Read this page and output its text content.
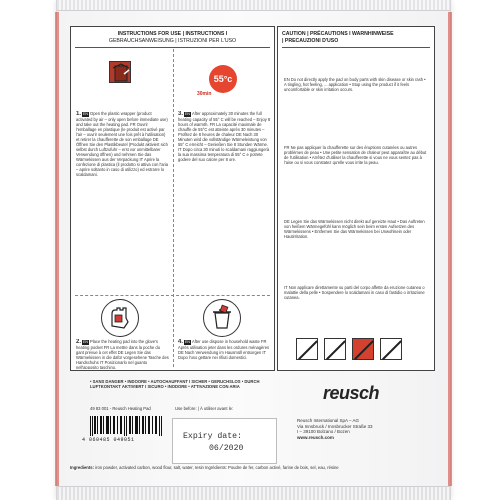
INSTRUCTIONS FOR USE | INSTRUCTIONS I
GEBRAUCHSANWEISUNG | ISTRUZIONI PER L'USO
55°c
30min
1. EN Open the plastic wrapper (product activated by air – only open before immediate use) and take out the heating pad. FR Ouvrir l'emballage en plastique (le produit est activé par l'air – ouvrir seulement une fois prêt à l'utilisation) et retirer la chaufferette de son emballage DE Öffnen Sie den Plastikbeutel (Produkt aktiviert sich selbst durch Luftzufuhr – erst vor unmittelbarer Verwendung öffnen) und nehmen Sie das Wärmekissen aus der Verpackung IT Aprire la confezione di plastica (il prodotto si attiva con l'aria – aprire soltanto in caso di utilizzo) ed estrarre lo scaldamani.
3. EN After approximately 30 minutes the full heating capacity of 55° C will be reached – Enjoy 8 hours of warmth. FR La capacité maximale de chauffe de 55°C est atteinte après 30 minutes – Profitez de 8 heures de chaleur DE Nach 30 Minuten wird die vollständige Wärmeleistung von 55° C erreicht – Genießen Sie 8 Stunden Wärme. IT Dopo circa 30 minuti lo scaldamani raggiungerà la sua massima temperatura di 55° C e potrete godere del suo calore per 8 ore.
2. EN Place the heating pad into the glove's heating pocket FR La mettre dans la poche du gant prévue à cet effet DE Legen Sie das Wärmekissen in die dafür vorgesehene Tasche des Handschuhs IT Posizionarlo nel guanto nell'apposito taschino.
4. EN After use dispose in household waste FR Après utilisation jeter dans les ordures ménagères DE Nach Verwendung im Hausmüll entsorgen IT Dopo l'uso gettare nei rifiuti domestici.
CAUTION | PRÉCAUTIONS I WARNHINWEISE
| PRECAUZIONI D'USO
EN Do not directly apply the pad on body parts with skin disease or skin rash • A tingling, hot feeling, ... application • Stop using the product if it feels uncomfortable or skin irritation occurs.
FR Ne pas appliquer la chaufferette sur des éruptions cutanées ou autres problèmes de peau • Une petite sensation de chaleur peut apparaître au début de l'utilisation • Arrêtez d'utiliser la chaufferette si vous ne vous sentez pas à l'aise ou si vous constatez qu'elle vous irrite la peau.
DE Legen Sie das Wärmekissen nicht direkt auf gereizte Haut • Das Auftreten von heißem Wärmegefühl kann möglich sein beim ersten Aufsetzen des Wärmekissens • Entfernen Sie das Wärmekissen bei Unwohlsein oder Hautirritation.
IT Non applicare direttamente su parti del corpo affette da eruzione cutanea o malattie della pelle • Sospendere lo scaldamani in caso di fastidio o irritazione cutanea.
• SANS DANGER • INDOORE • AUTOCHAUFFANT I SICHER • GERUCHSLOS • DURCH LUFTKONTAKT AKTIVIERT I SICURO • INODORE • ATTIVAZIONE CON ARIA
49 83 001 - Reusch Heating Pad	Use before: | À utiliser avant le:
4 060485 049051	Expiry date:
06/2020
reusch
Reusch International SpA – AG
Via Innsbruck / Innsbrucker Straße 33
I – 39100 Bolzano / Bozen
www.reusch.com
Ingredients: iron powder, activated carbon, wood flour, salt, water, resin Ingrédients: Poudre de fer, carbon activé, farine de bois, sel, eau, résine
